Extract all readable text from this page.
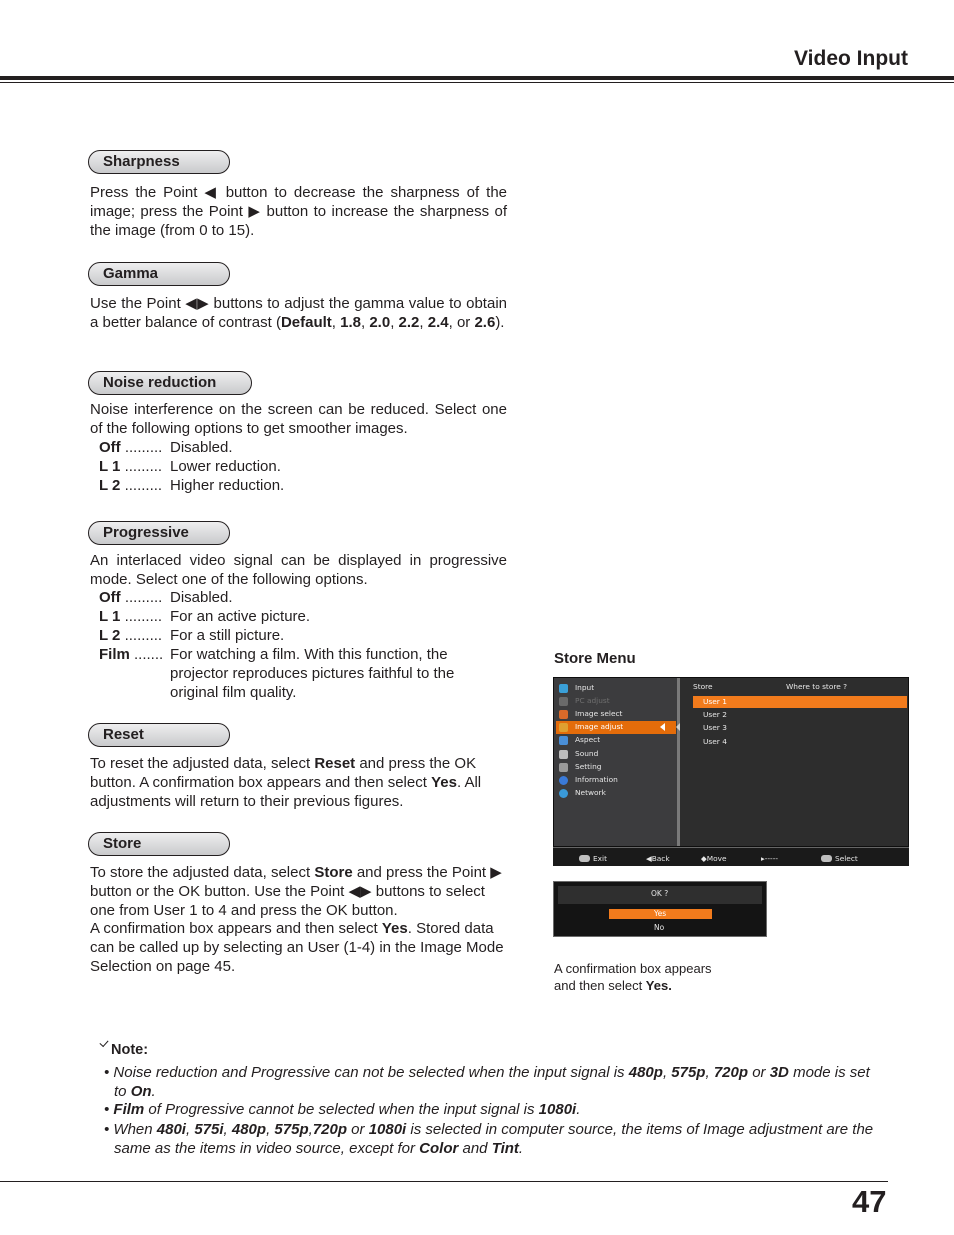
Video Input
Sharpness
Press the Point ◀ button to decrease the sharpness of the image; press the Point ▶ button to increase the sharpness of the image (from 0 to 15).
Gamma
Use the Point ◀▶ buttons to adjust the gamma value to obtain a better balance of contrast (Default, 1.8, 2.0, 2.2, 2.4, or 2.6).
Noise reduction
Noise interference on the screen can be reduced. Select one of the following options to get smoother images.
Off ......... Disabled.
L 1 ......... Lower reduction.
L 2 ......... Higher reduction.
Progressive
An interlaced video signal can be displayed in progressive mode. Select one of the following options.
Off ......... Disabled.
L 1 ......... For an active picture.
L 2 ......... For a still picture.
Film ....... For watching a film. With this function, the projector reproduces pictures faithful to the original film quality.
Reset
To reset the adjusted data, select Reset and press the OK button. A confirmation box appears and then select Yes. All adjustments will return to their previous figures.
Store
To store the adjusted data, select Store and press the Point ▶ button or the OK button. Use the Point ◀▶ buttons to select one from User 1 to 4 and press the OK button.
A confirmation box appears and then select Yes. Stored data can be called up by selecting an User (1-4) in the Image Mode Selection on page 45.
Store Menu
Input
PC adjust
Image select
Image adjust
Aspect
Sound
Setting
Information
Network
Store	Where to store ?
User 1
User 2
User 3
User 4
Exit	◀Back	◆Move	▸-----	Select
OK ?
Yes
No
A confirmation box appears and then select Yes.
Note:
• Noise reduction and Progressive can not be selected when the input signal is 480p, 575p, 720p or 3D mode is set to On.
• Film of Progressive cannot be selected when the input signal is 1080i.
• When 480i, 575i, 480p, 575p,720p or 1080i is selected in computer source, the items of Image adjustment are the same as the items in video source, except for Color and Tint.
47
